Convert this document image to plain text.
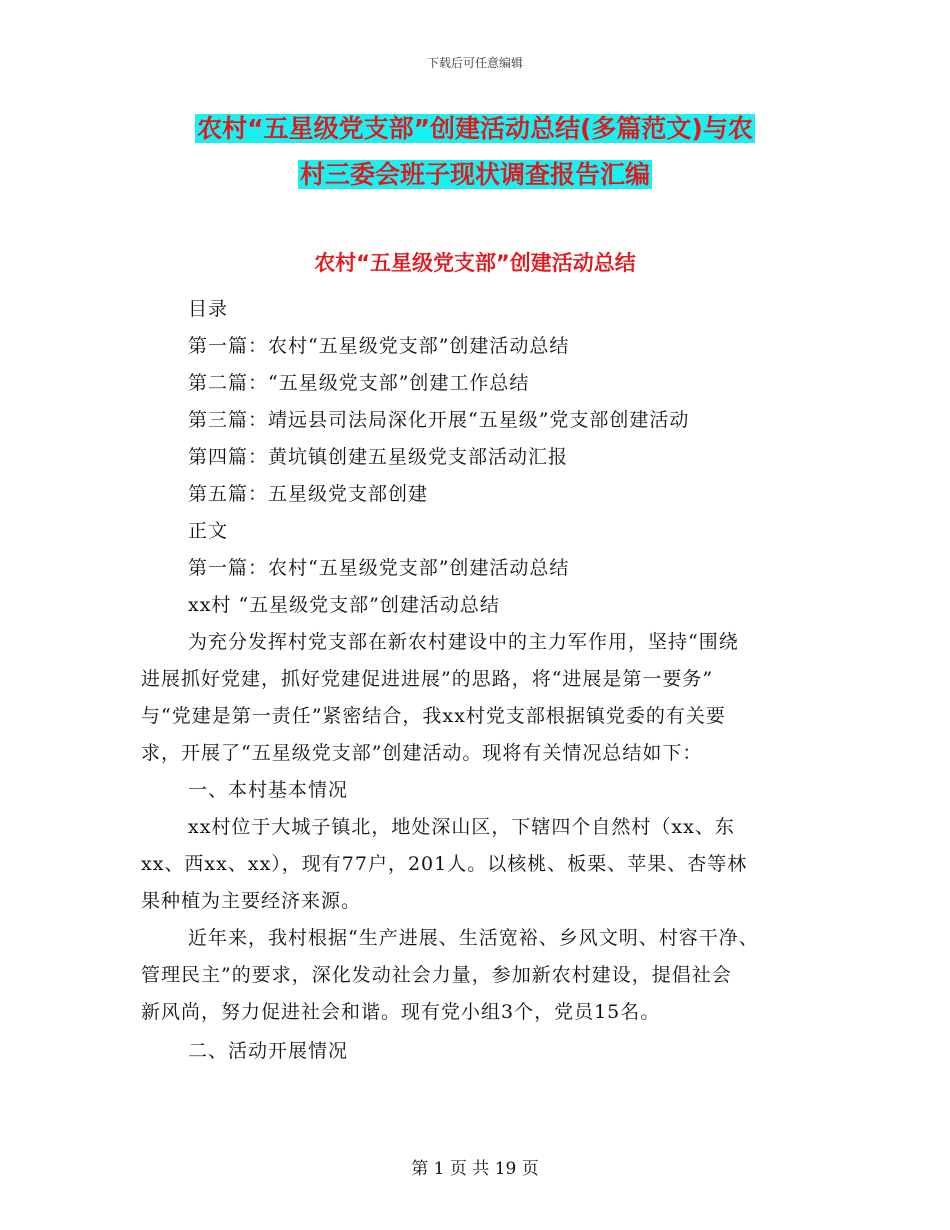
下载后可任意编辑
农村“五星级党支部”创建活动总结(多篇范文)与农
村三委会班子现状调查报告汇编
农村“五星级党支部”创建活动总结
目录
第一篇：农村“五星级党支部”创建活动总结
第二篇：“五星级党支部”创建工作总结
第三篇：靖远县司法局深化开展“五星级”党支部创建活动
第四篇：黄坑镇创建五星级党支部活动汇报
第五篇：五星级党支部创建
正文
第一篇：农村“五星级党支部”创建活动总结
xx村 “五星级党支部”创建活动总结
为充分发挥村党支部在新农村建设中的主力军作用，坚持“围绕
进展抓好党建，抓好党建促进进展”的思路，将“进展是第一要务”
与“党建是第一责任”紧密结合，我xx村党支部根据镇党委的有关要
求，开展了“五星级党支部”创建活动。现将有关情况总结如下：
一、本村基本情况
xx村位于大城子镇北，地处深山区，下辖四个自然村（xx、东
xx、西xx、xx），现有77户，201人。以核桃、板栗、苹果、杏等林
果种植为主要经济来源。
近年来，我村根据“生产进展、生活宽裕、乡风文明、村容干净、
管理民主”的要求，深化发动社会力量，参加新农村建设，提倡社会
新风尚，努力促进社会和谐。现有党小组3个，党员15名。
二、活动开展情况
第 1 页 共 19 页
